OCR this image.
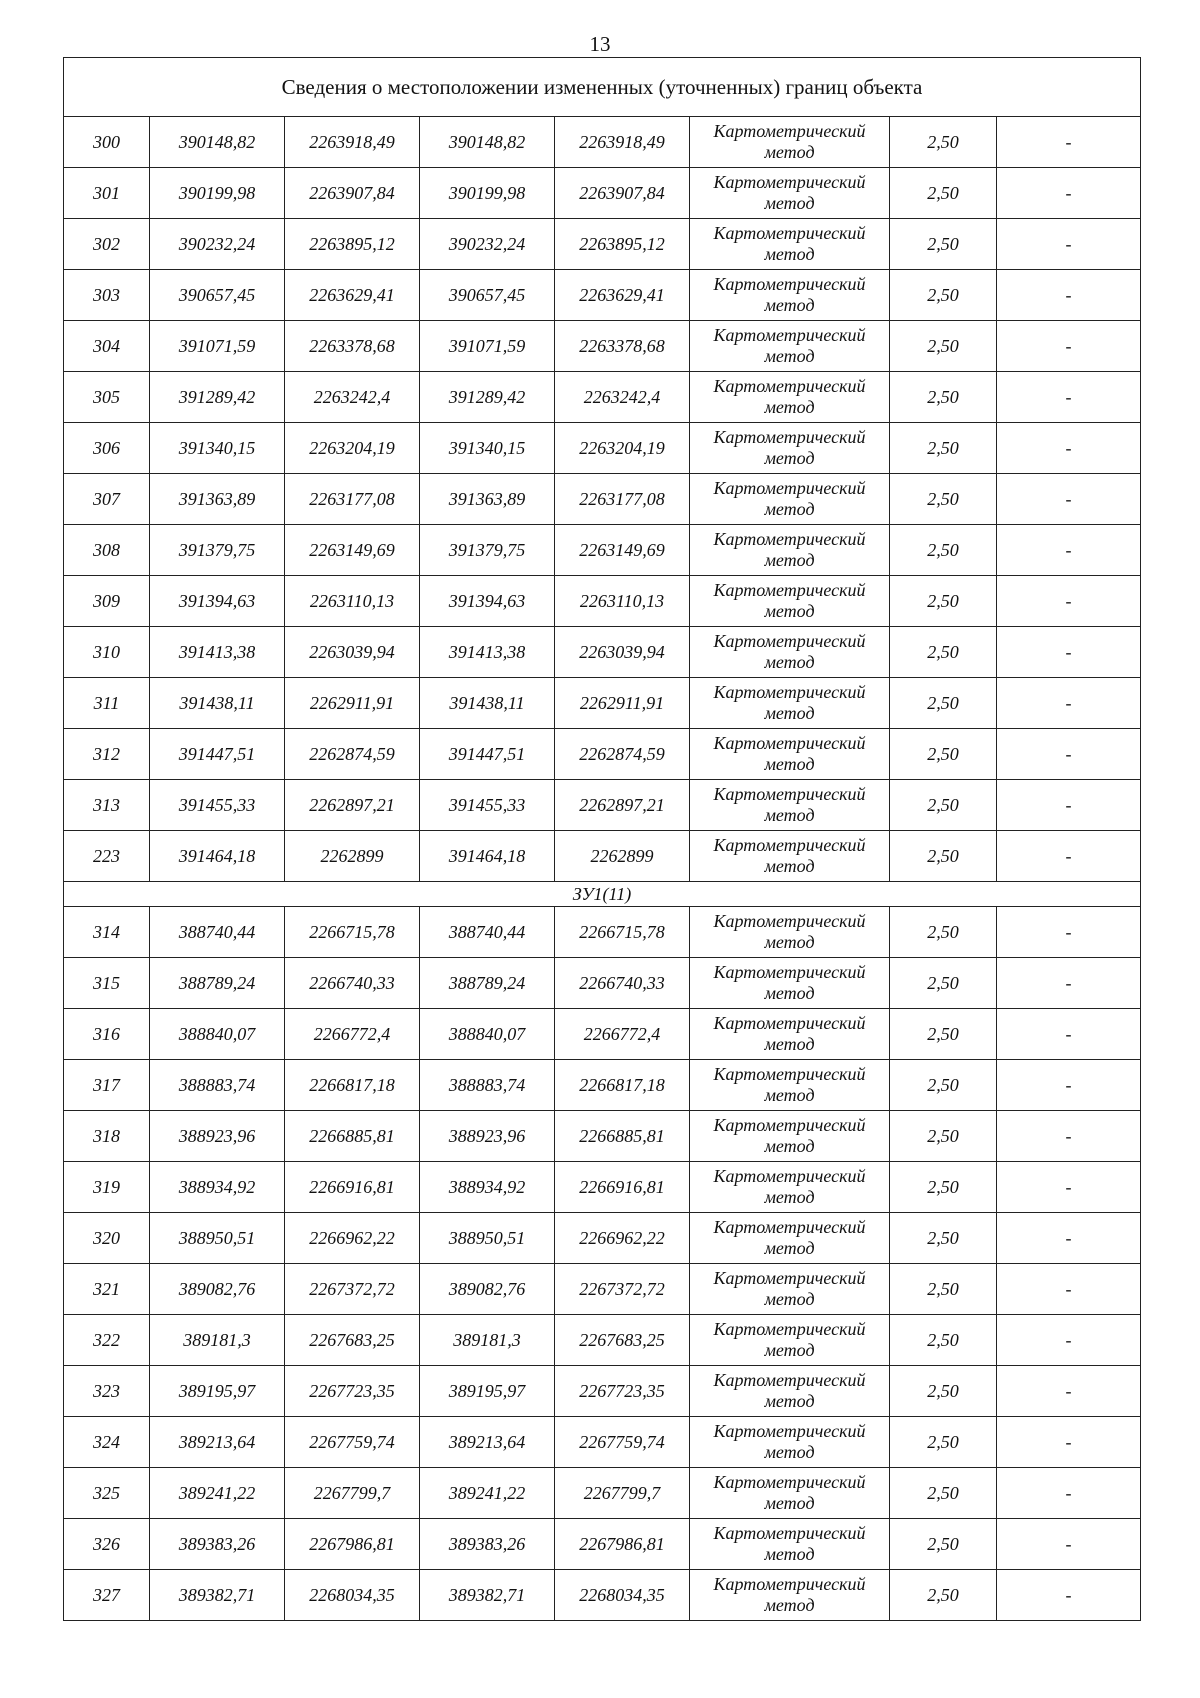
13
Сведения о местоположении измененных (уточненных) границ объекта							
300	390148,82	2263918,49	390148,82	2263918,49	Картометрический
метод	2,50	-
301	390199,98	2263907,84	390199,98	2263907,84	Картометрический
метод	2,50	-
302	390232,24	2263895,12	390232,24	2263895,12	Картометрический
метод	2,50	-
303	390657,45	2263629,41	390657,45	2263629,41	Картометрический
метод	2,50	-
304	391071,59	2263378,68	391071,59	2263378,68	Картометрический
метод	2,50	-
305	391289,42	2263242,4	391289,42	2263242,4	Картометрический
метод	2,50	-
306	391340,15	2263204,19	391340,15	2263204,19	Картометрический
метод	2,50	-
307	391363,89	2263177,08	391363,89	2263177,08	Картометрический
метод	2,50	-
308	391379,75	2263149,69	391379,75	2263149,69	Картометрический
метод	2,50	-
309	391394,63	2263110,13	391394,63	2263110,13	Картометрический
метод	2,50	-
310	391413,38	2263039,94	391413,38	2263039,94	Картометрический
метод	2,50	-
311	391438,11	2262911,91	391438,11	2262911,91	Картометрический
метод	2,50	-
312	391447,51	2262874,59	391447,51	2262874,59	Картометрический
метод	2,50	-
313	391455,33	2262897,21	391455,33	2262897,21	Картометрический
метод	2,50	-
223	391464,18	2262899	391464,18	2262899	Картометрический
метод	2,50	-
ЗУ1(11)							
314	388740,44	2266715,78	388740,44	2266715,78	Картометрический
метод	2,50	-
315	388789,24	2266740,33	388789,24	2266740,33	Картометрический
метод	2,50	-
316	388840,07	2266772,4	388840,07	2266772,4	Картометрический
метод	2,50	-
317	388883,74	2266817,18	388883,74	2266817,18	Картометрический
метод	2,50	-
318	388923,96	2266885,81	388923,96	2266885,81	Картометрический
метод	2,50	-
319	388934,92	2266916,81	388934,92	2266916,81	Картометрический
метод	2,50	-
320	388950,51	2266962,22	388950,51	2266962,22	Картометрический
метод	2,50	-
321	389082,76	2267372,72	389082,76	2267372,72	Картометрический
метод	2,50	-
322	389181,3	2267683,25	389181,3	2267683,25	Картометрический
метод	2,50	-
323	389195,97	2267723,35	389195,97	2267723,35	Картометрический
метод	2,50	-
324	389213,64	2267759,74	389213,64	2267759,74	Картометрический
метод	2,50	-
325	389241,22	2267799,7	389241,22	2267799,7	Картометрический
метод	2,50	-
326	389383,26	2267986,81	389383,26	2267986,81	Картометрический
метод	2,50	-
327	389382,71	2268034,35	389382,71	2268034,35	Картометрический
метод	2,50	-
